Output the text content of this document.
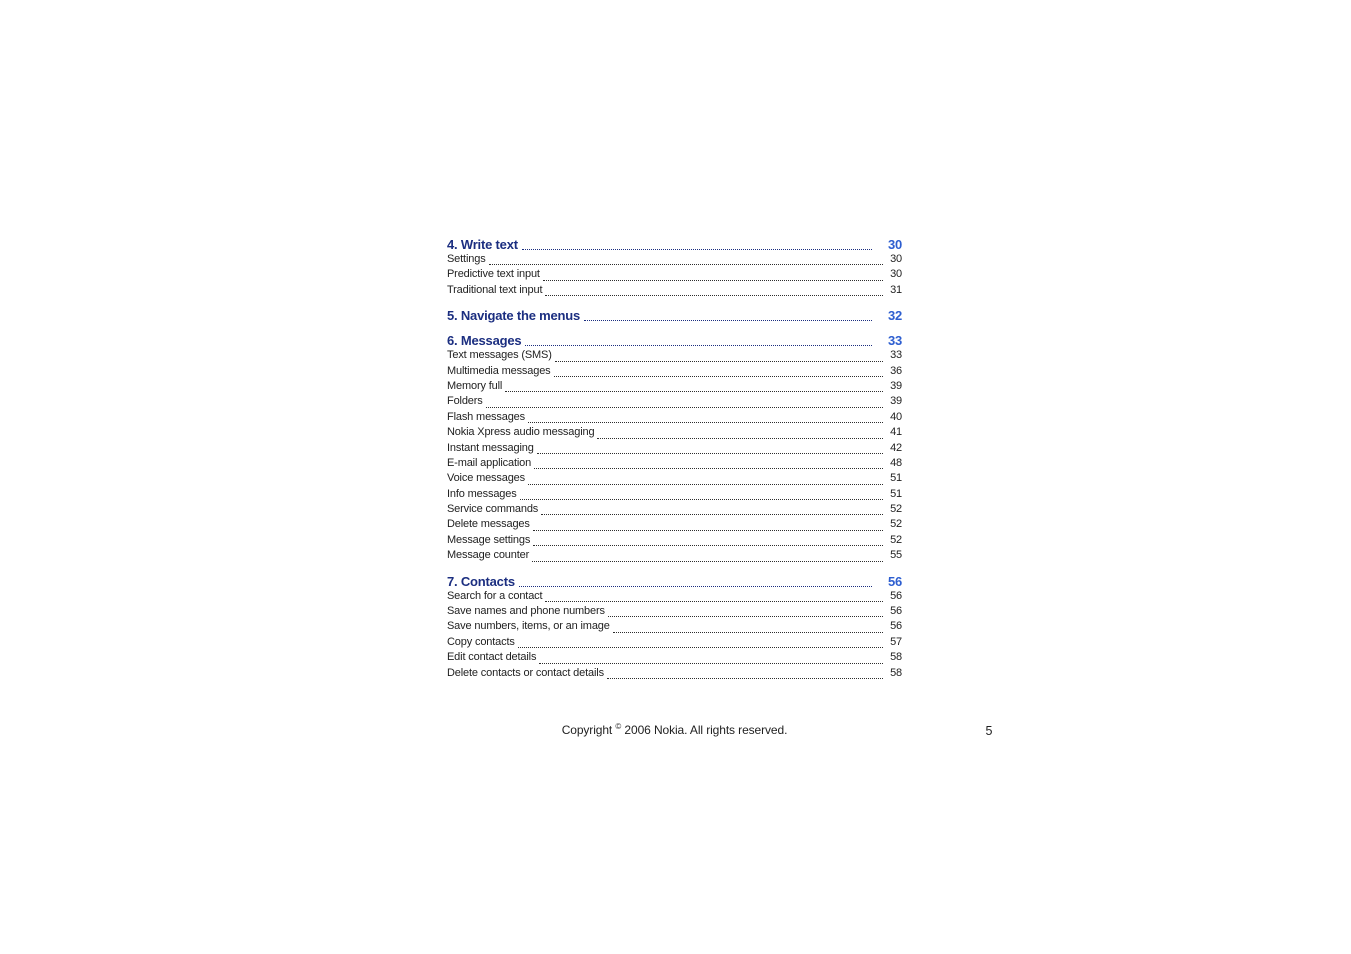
4. Write text	30
Settings	30
Predictive text input	30
Traditional text input	31
5. Navigate the menus	32
6. Messages	33
Text messages (SMS)	33
Multimedia messages	36
Memory full	39
Folders	39
Flash messages	40
Nokia Xpress audio messaging	41
Instant messaging	42
E-mail application	48
Voice messages	51
Info messages	51
Service commands	52
Delete messages	52
Message settings	52
Message counter	55
7. Contacts	56
Search for a contact	56
Save names and phone numbers	56
Save numbers, items, or an image	56
Copy contacts	57
Edit contact details	58
Delete contacts or contact details	58
Copyright © 2006 Nokia. All rights reserved.	5
